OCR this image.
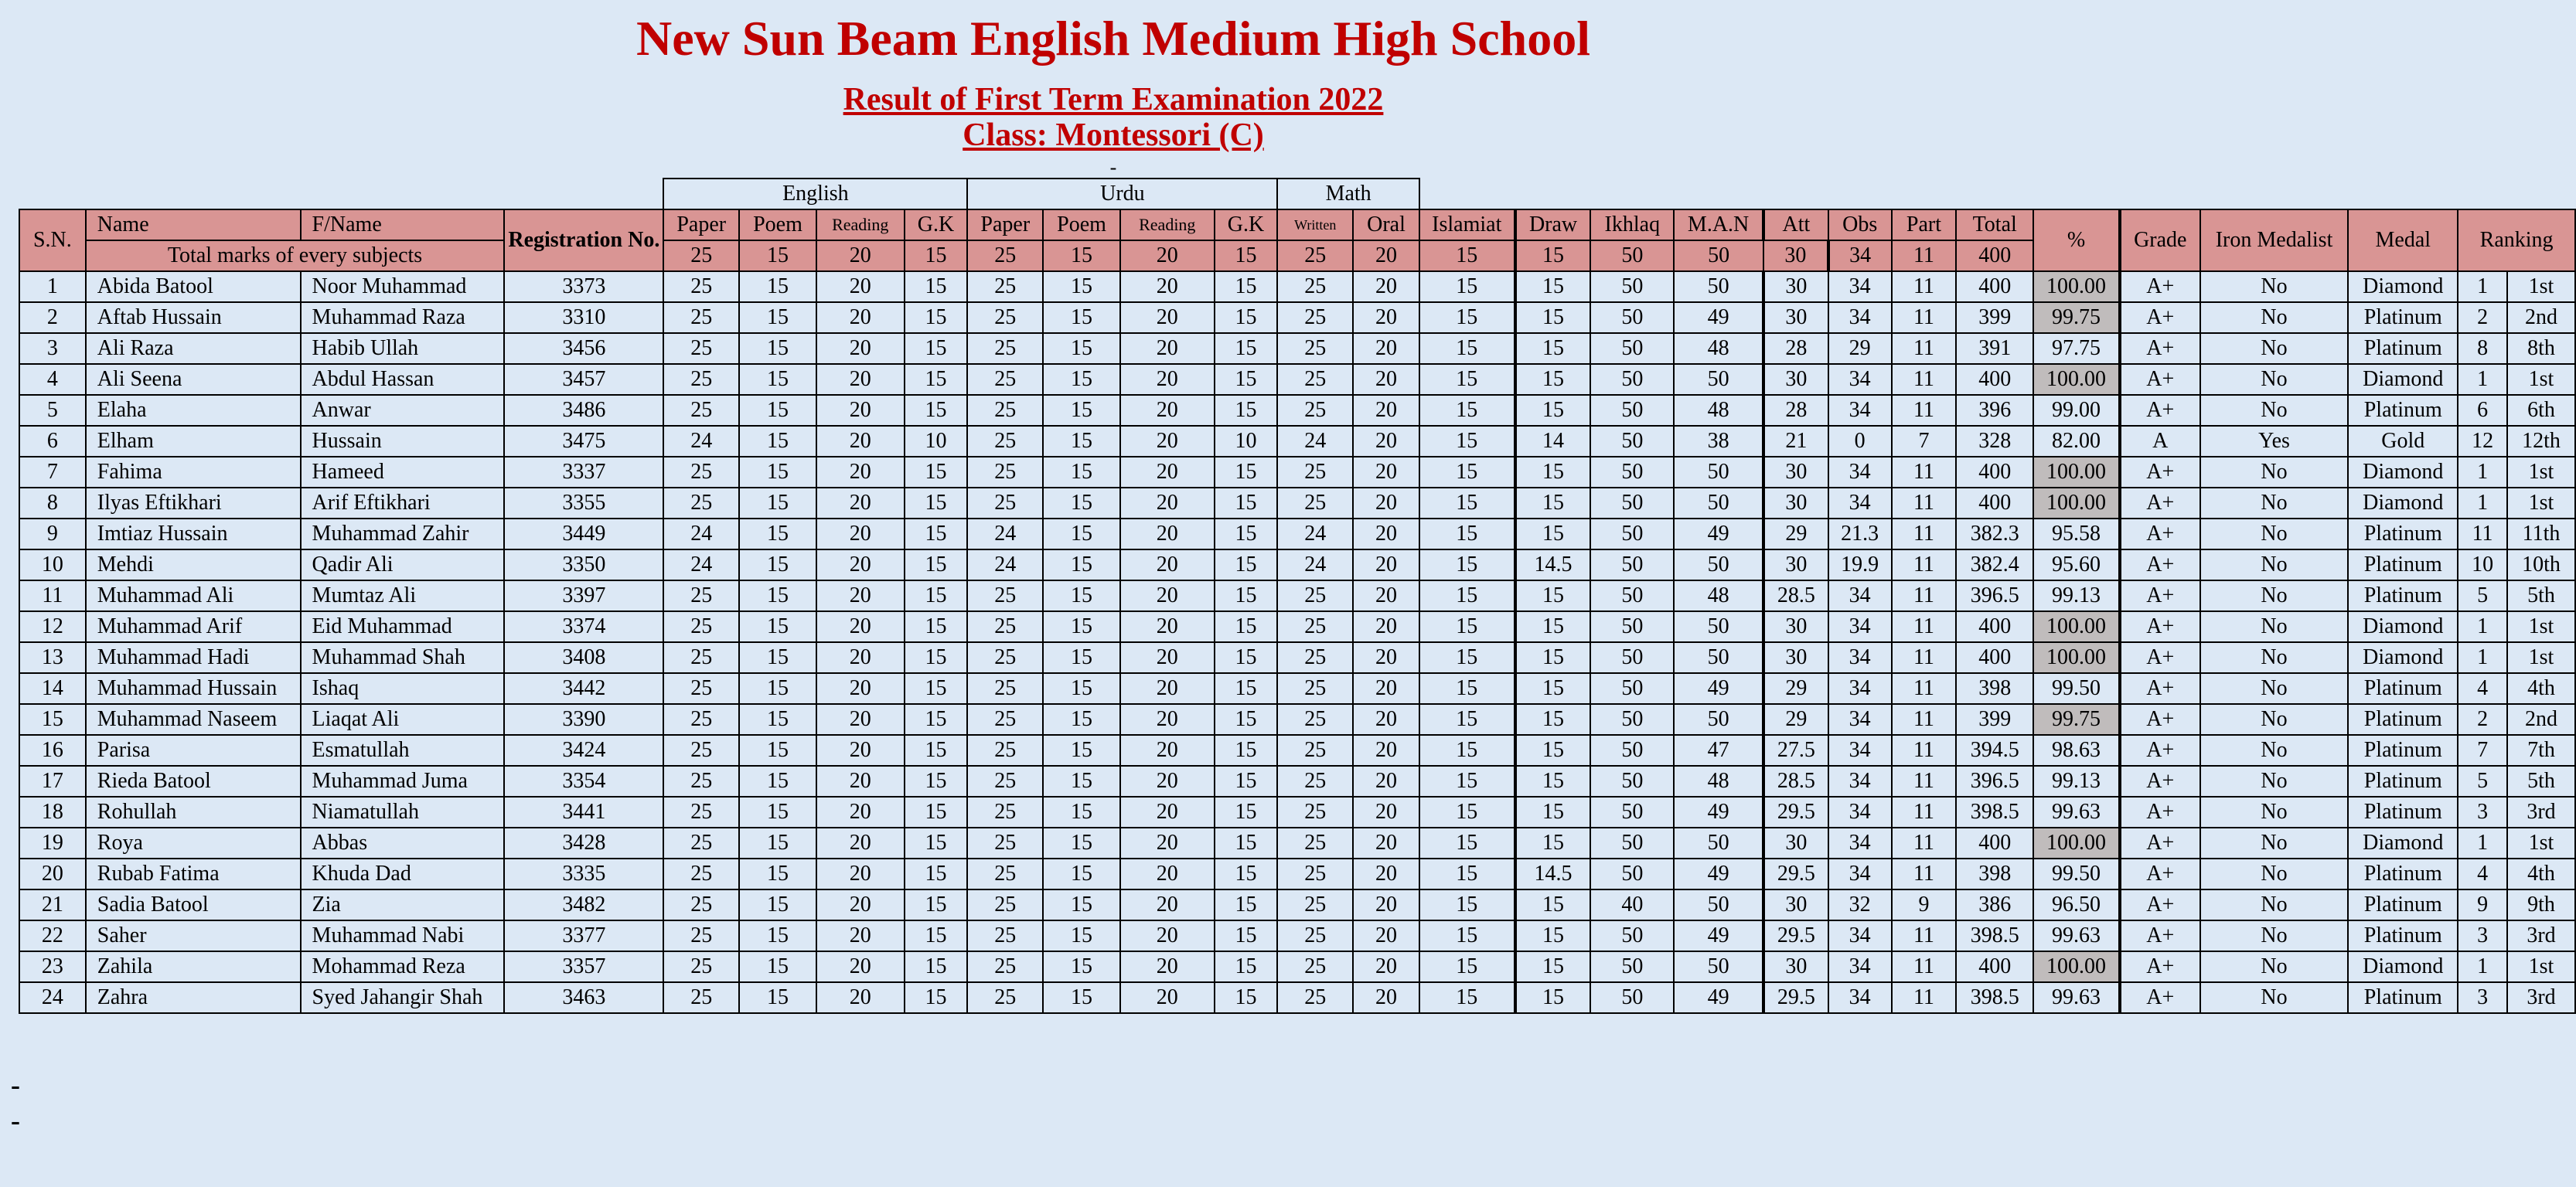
New Sun Beam English Medium High School
Result of First Term Examination 2022
Class: Montessori (C)
-
				English				Urdu				Math															
S.N.	Name	F/Name	Registration No.	Paper	Poem	Reading	G.K	Paper	Poem	Reading	G.K	Written	Oral	Islamiat	Draw	Ikhlaq	M.A.N	Att	Obs	Part	Total	%	Grade	Iron Medalist	Medal	Ranking	
	Total marks of every subjects			25	15	20	15	25	15	20	15	25	20	15	15	50	50	30	34	11	400						
1	Abida Batool	Noor Muhammad	3373	25	15	20	15	25	15	20	15	25	20	15	15	50	50	30	34	11	400	100.00	A+	No	Diamond	1	1st
2	Aftab Hussain	Muhammad Raza	3310	25	15	20	15	25	15	20	15	25	20	15	15	50	49	30	34	11	399	99.75	A+	No	Platinum	2	2nd
3	Ali Raza	Habib Ullah	3456	25	15	20	15	25	15	20	15	25	20	15	15	50	48	28	29	11	391	97.75	A+	No	Platinum	8	8th
4	Ali Seena	Abdul Hassan	3457	25	15	20	15	25	15	20	15	25	20	15	15	50	50	30	34	11	400	100.00	A+	No	Diamond	1	1st
5	Elaha	Anwar	3486	25	15	20	15	25	15	20	15	25	20	15	15	50	48	28	34	11	396	99.00	A+	No	Platinum	6	6th
6	Elham	Hussain	3475	24	15	20	10	25	15	20	10	24	20	15	14	50	38	21	0	7	328	82.00	A	Yes	Gold	12	12th
7	Fahima	Hameed	3337	25	15	20	15	25	15	20	15	25	20	15	15	50	50	30	34	11	400	100.00	A+	No	Diamond	1	1st
8	Ilyas Eftikhari	Arif Eftikhari	3355	25	15	20	15	25	15	20	15	25	20	15	15	50	50	30	34	11	400	100.00	A+	No	Diamond	1	1st
9	Imtiaz Hussain	Muhammad Zahir	3449	24	15	20	15	24	15	20	15	24	20	15	15	50	49	29	21.3	11	382.3	95.58	A+	No	Platinum	11	11th
10	Mehdi	Qadir Ali	3350	24	15	20	15	24	15	20	15	24	20	15	14.5	50	50	30	19.9	11	382.4	95.60	A+	No	Platinum	10	10th
11	Muhammad Ali	Mumtaz Ali	3397	25	15	20	15	25	15	20	15	25	20	15	15	50	48	28.5	34	11	396.5	99.13	A+	No	Platinum	5	5th
12	Muhammad Arif	Eid Muhammad	3374	25	15	20	15	25	15	20	15	25	20	15	15	50	50	30	34	11	400	100.00	A+	No	Diamond	1	1st
13	Muhammad Hadi	Muhammad Shah	3408	25	15	20	15	25	15	20	15	25	20	15	15	50	50	30	34	11	400	100.00	A+	No	Diamond	1	1st
14	Muhammad Hussain	Ishaq	3442	25	15	20	15	25	15	20	15	25	20	15	15	50	49	29	34	11	398	99.50	A+	No	Platinum	4	4th
15	Muhammad Naseem	Liaqat Ali	3390	25	15	20	15	25	15	20	15	25	20	15	15	50	50	29	34	11	399	99.75	A+	No	Platinum	2	2nd
16	Parisa	Esmatullah	3424	25	15	20	15	25	15	20	15	25	20	15	15	50	47	27.5	34	11	394.5	98.63	A+	No	Platinum	7	7th
17	Rieda Batool	Muhammad Juma	3354	25	15	20	15	25	15	20	15	25	20	15	15	50	48	28.5	34	11	396.5	99.13	A+	No	Platinum	5	5th
18	Rohullah	Niamatullah	3441	25	15	20	15	25	15	20	15	25	20	15	15	50	49	29.5	34	11	398.5	99.63	A+	No	Platinum	3	3rd
19	Roya	Abbas	3428	25	15	20	15	25	15	20	15	25	20	15	15	50	50	30	34	11	400	100.00	A+	No	Diamond	1	1st
20	Rubab Fatima	Khuda Dad	3335	25	15	20	15	25	15	20	15	25	20	15	14.5	50	49	29.5	34	11	398	99.50	A+	No	Platinum	4	4th
21	Sadia Batool	Zia	3482	25	15	20	15	25	15	20	15	25	20	15	15	40	50	30	32	9	386	96.50	A+	No	Platinum	9	9th
22	Saher	Muhammad Nabi	3377	25	15	20	15	25	15	20	15	25	20	15	15	50	49	29.5	34	11	398.5	99.63	A+	No	Platinum	3	3rd
23	Zahila	Mohammad Reza	3357	25	15	20	15	25	15	20	15	25	20	15	15	50	50	30	34	11	400	100.00	A+	No	Diamond	1	1st
24	Zahra	Syed Jahangir Shah	3463	25	15	20	15	25	15	20	15	25	20	15	15	50	49	29.5	34	11	398.5	99.63	A+	No	Platinum	3	3rd
-
-
